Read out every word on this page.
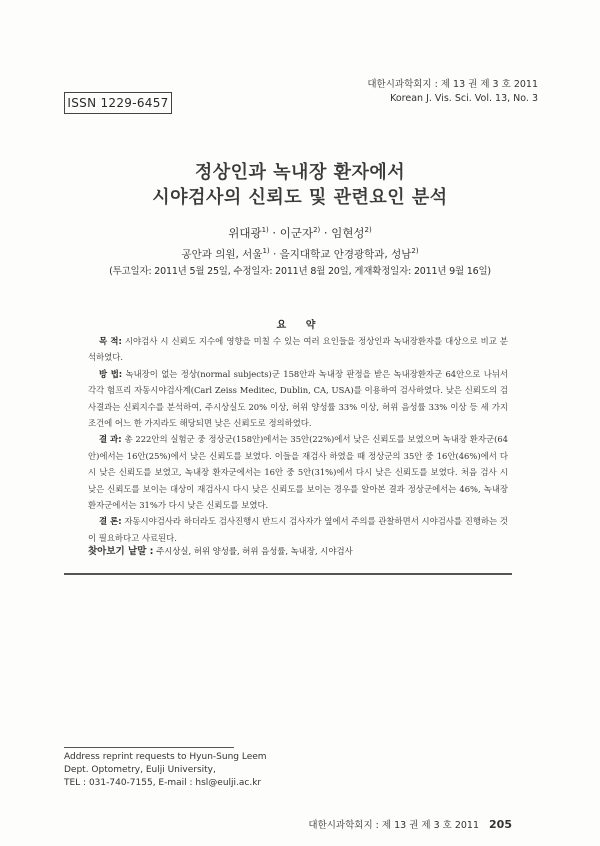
ISSN 1229-6457
대한시과학회지 : 제 13 권 제 3 호 2011
Korean J. Vis. Sci. Vol. 13, No. 3
정상인과 녹내장 환자에서
시야검사의 신뢰도 및 관련요인 분석
위대광$^{1)}$ · 이군자$^{2)}$ · 임현성$^{2)}$
공안과 의원, 서울$^{1)}$ · 을지대학교 안경광학과, 성남$^{2)}$
(투고일자: 2011년 5월 25일, 수정일자: 2011년 8월 20일, 게재확정일자: 2011년 9월 16일)
요 약

목 적: 시야검사 시 신뢰도 지수에 영향을 미칠 수 있는 여러 요인들을 정상인과 녹내장환자를 대상으로 비교 분석하였다.

방 법: 녹내장이 없는 정상(normal subjects)군 158안과 녹내장 판정을 받은 녹내장환자군 64안으로 나뉘서 각각 험프리 자동시야검사계(Carl Zeiss Meditec, Dublin, CA, USA)를 이용하여 검사하였다. 낮은 신뢰도의 검사결과는 신뢰지수를 분석하여, 주시상실도 20% 이상, 허위 양성률 33% 이상, 허위 음성률 33% 이상 등 세 가지 조건에 어느 한 가지라도 해당되면 낮은 신뢰도로 정의하였다.

결 과: 총 222안의 실험군 중 정상군(158안)에서는 35안(22%)에서 낮은 신뢰도를 보였으며 녹내장 환자군(64안)에서는 16안(25%)에서 낮은 신뢰도를 보였다. 이들을 재검사 하였을 때 정상군의 35안 중 16안(46%)에서 다시 낮은 신뢰도를 보였고, 녹내장 환자군에서는 16안 중 5안(31%)에서 다시 낮은 신뢰도를 보였다. 처음 검사 시 낮은 신뢰도를 보이는 대상이 재검사시 다시 낮은 신뢰도를 보이는 경우를 알아본 결과 정상군에서는 46%, 녹내장 환자군에서는 31%가 다시 낮은 신뢰도를 보였다.

결 론: 자동시야검사라 하더라도 검사진행시 반드시 검사자가 옆에서 주의를 관찰하면서 시야검사를 진행하는 것이 필요하다고 사료된다.

찾아보기 낱말 : 주시상실, 허위 양성률, 허위 음성률, 녹내장, 시야검사
Address reprint requests to Hyun-Sung Leem
Dept. Optometry, Eulji University,
TEL : 031-740-7155, E-mail : hsl@eulji.ac.kr
대한시과학회지 : 제 13 권 제 3 호 2011 205
